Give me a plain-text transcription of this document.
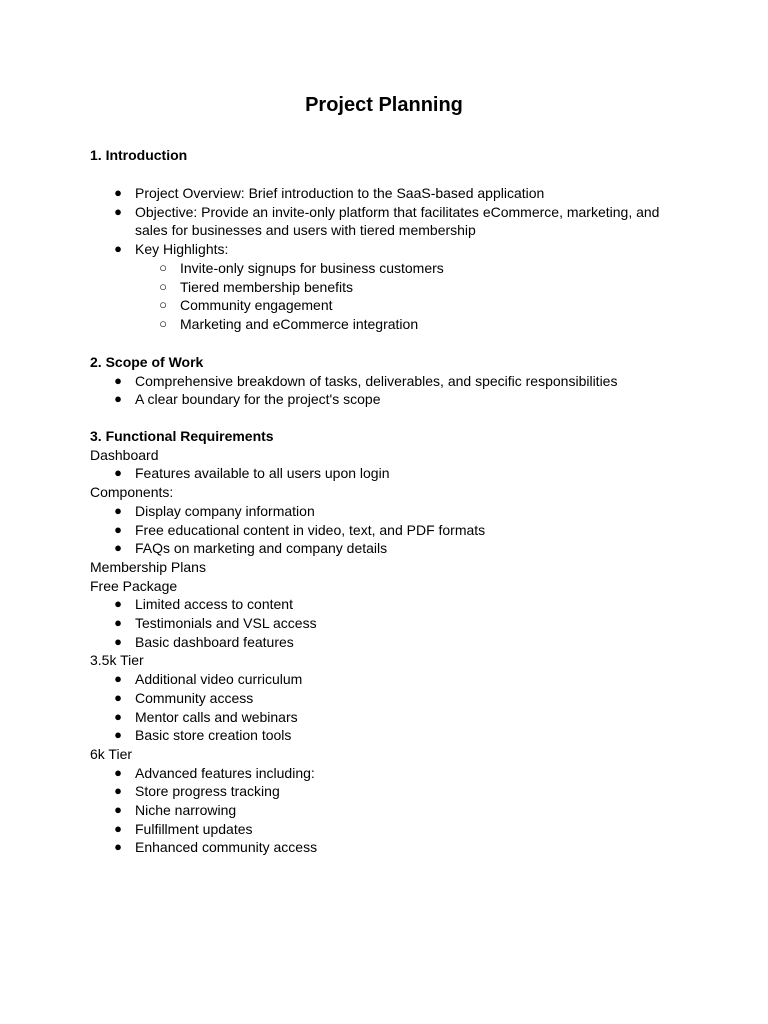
Project Planning

1. Introduction

● Project Overview: Brief introduction to the SaaS-based application
● Objective: Provide an invite-only platform that facilitates eCommerce, marketing, and sales for businesses and users with tiered membership
● Key Highlights:
○ Invite-only signups for business customers
○ Tiered membership benefits
○ Community engagement
○ Marketing and eCommerce integration

2. Scope of Work

● Comprehensive breakdown of tasks, deliverables, and specific responsibilities
● A clear boundary for the project's scope

3. Functional Requirements

Dashboard

● Features available to all users upon login

Components:

● Display company information
● Free educational content in video, text, and PDF formats
● FAQs on marketing and company details

Membership Plans

Free Package

● Limited access to content
● Testimonials and VSL access
● Basic dashboard features

3.5k Tier

● Additional video curriculum
● Community access
● Mentor calls and webinars
● Basic store creation tools

6k Tier

● Advanced features including:
● Store progress tracking
● Niche narrowing
● Fulfillment updates
● Enhanced community access
